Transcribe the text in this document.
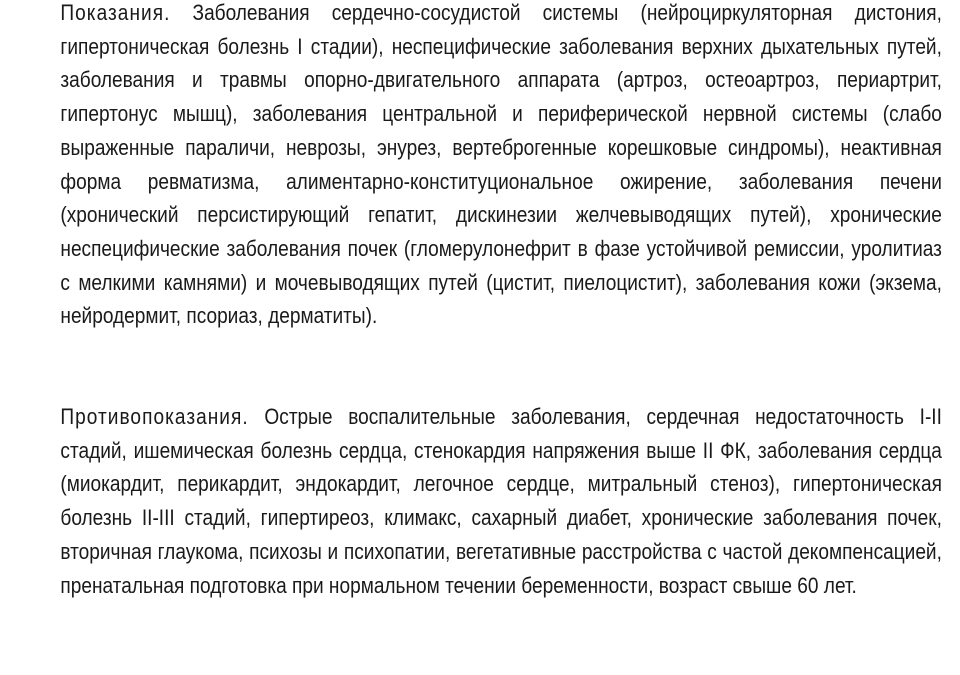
Показания. Заболевания сердечно-сосудистой системы (нейроциркуляторная дистония, гипертоническая болезнь I стадии), неспецифические заболевания верхних дыхательных путей, заболевания и травмы опорно-двигательного аппарата (артроз, остеоартроз, периартрит, гипертонус мышц), заболевания центральной и периферической нервной системы (слабо выраженные параличи, неврозы, энурез, вертеброгенные корешковые синдромы), неактивная форма ревматизма, алиментарно-конституциональное ожирение, заболевания печени (хронический персистирующий гепатит, дискинезии желчевыводящих путей), хронические неспецифические заболевания почек (гломерулонефрит в фазе устойчивой ремиссии, уролитиаз с мелкими камнями) и мочевыводящих путей (цистит, пиелоцистит), заболевания кожи (экзема, нейродермит, псориаз, дерматиты).

Противопоказания. Острые воспалительные заболевания, сердечная недостаточность I-II стадий, ишемическая болезнь сердца, стенокардия напряжения выше II ФК, заболевания сердца (миокардит, перикардит, эндокардит, легочное сердце, митральный стеноз), гипертоническая болезнь II-III стадий, гипертиреоз, климакс, сахарный диабет, хронические заболевания почек, вторичная глаукома, психозы и психопатии, вегетативные расстройства с частой декомпенсацией, пренатальная подготовка при нормальном течении беременности, возраст свыше 60 лет.
